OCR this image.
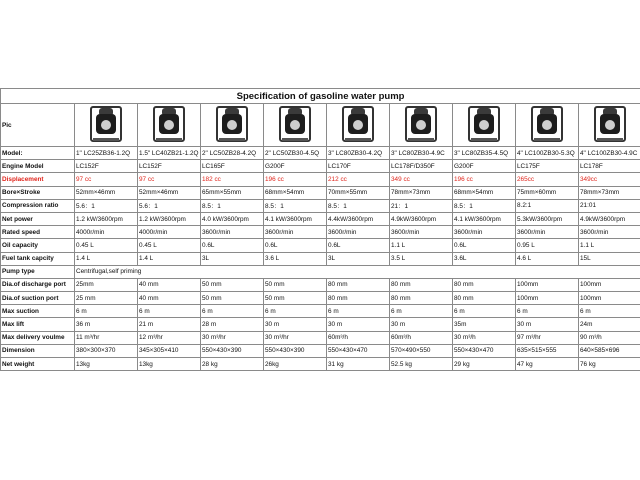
Specification of gasoline water pump									
Pic	

Model:	1" LC25ZB36-1.2Q	1.5" LC40ZB21-1.2Q	2" LC50ZB28-4.2Q	2" LC50ZB30-4.5Q	3" LC80ZB30-4.2Q	3" LC80ZB30-4.9C	3" LC80ZB35-4.5Q	4" LC100ZB30-5.3Q	4" LC100ZB30-4.9C
Engine Model	LC152F	LC152F	LC165F	G200F	LC170F	LC178F/D350F	G200F	LC175F	LC178F
Displacement	97 cc	97 cc	182 cc	196 cc	212 cc	349 cc	196 cc	265cc	349cc
Bore×Stroke	52mm×46mm	52mm×46mm	65mm×55mm	68mm×54mm	70mm×55mm	78mm×73mm	68mm×54mm	75mm×60mm	78mm×73mm
Compression ratio	5.6：1	5.6：1	8.5：1	8.5：1	8.5：1	21：1	8.5：1	8.2:1	21:01
Net power	1.2 kW/3600rpm	1.2 kW/3600rpm	4.0 kW/3600rpm	4.1 kW/3600rpm	4.4kW/3600rpm	4.9kW/3600rpm	4.1 kW/3600rpm	5.3kW/3600rpm	4.9kW/3600rpm
Rated speed	4000r/min	4000r/min	3600r/min	3600r/min	3600r/min	3600r/min	3600r/min	3600r/min	3600r/min
Oil capacity	0.45 L	0.45 L	0.6L	0.6L	0.6L	1.1 L	0.6L	0.95 L	1.1 L
Fuel tank capcity	1.4 L	1.4 L	3L	3.6 L	3L	3.5 L	3.6L	4.6 L	15L
Pump type	Centrifugal,self priming								
Dia.of discharge port	25mm	40 mm	50 mm	50 mm	80 mm	80 mm	80 mm	100mm	100mm
Dia.of suction port	25 mm	40 mm	50 mm	50 mm	80 mm	80 mm	80 mm	100mm	100mm
Max suction	6 m	6 m	6 m	6 m	6 m	6 m	6 m	6 m	6 m
Max lift	36 m	21 m	28 m	30 m	30 m	30 m	35m	30 m	24m
Max delivery voulme	11 m³/hr	12 m³/hr	30 m³/hr	30 m³/hr	60m³/h	60m³/h	30 m³/h	97 m³/hr	90 m³/h
Dimension	380×300×370	345×305×410	550×430×390	550×430×390	550×430×470	570×490×550	550×430×470	635×515×555	640×585×696
Net weight	13kg	13kg	28 kg	26kg	31 kg	52.5 kg	29 kg	47 kg	76 kg
